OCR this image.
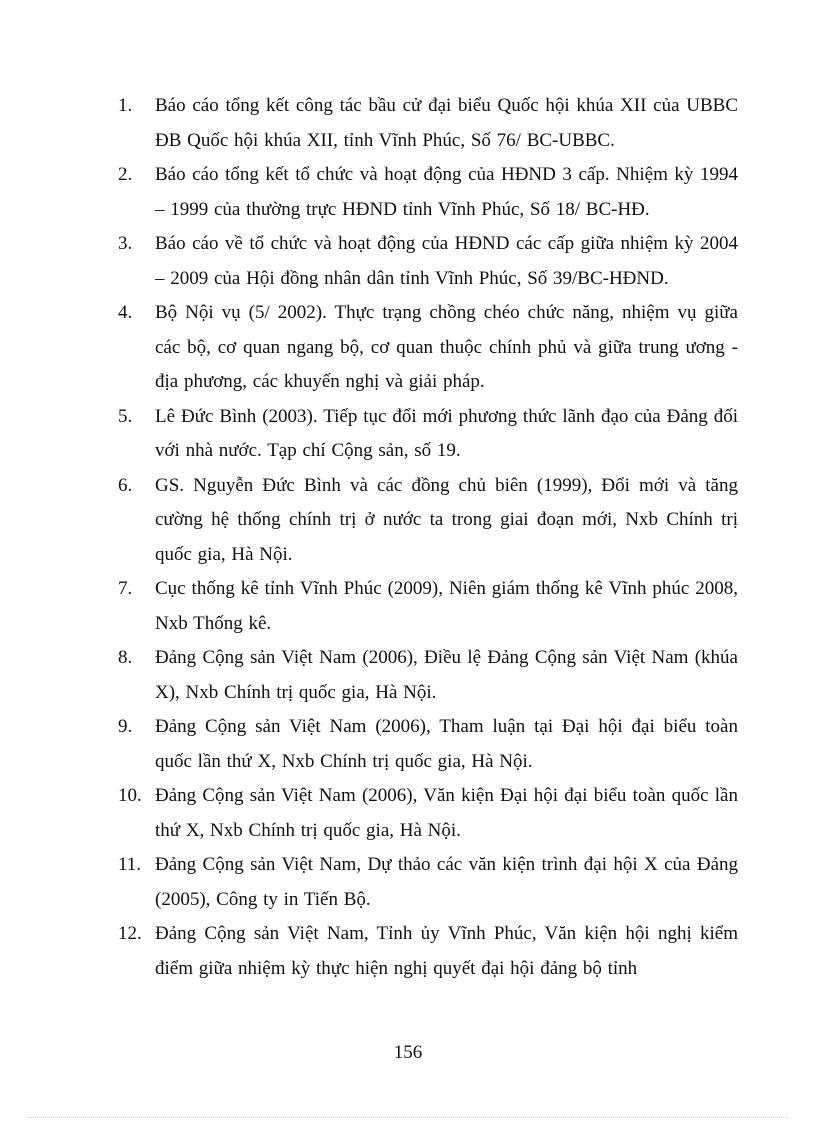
1. Báo cáo tổng kết công tác bầu cử đại biểu Quốc hội khúa XII của UBBC ĐB Quốc hội khúa XII, tỉnh Vĩnh Phúc, Số 76/ BC-UBBC.
2. Báo cáo tổng kết tổ chức và hoạt động của HĐND 3 cấp. Nhiệm kỳ 1994 – 1999 của thường trực HĐND tỉnh Vĩnh Phúc, Số 18/ BC-HĐ.
3. Báo cáo về tổ chức và hoạt động của HĐND các cấp giữa nhiệm kỳ 2004 – 2009 của Hội đồng nhân dân tỉnh Vĩnh Phúc, Số 39/BC-HĐND.
4. Bộ Nội vụ (5/ 2002). Thực trạng chồng chéo chức năng, nhiệm vụ giữa các bộ, cơ quan ngang bộ, cơ quan thuộc chính phủ và giữa trung ương - địa phương, các khuyến nghị và giải pháp.
5. Lê Đức Bình (2003). Tiếp tục đổi mới phương thức lãnh đạo của Đảng đối với nhà nước. Tạp chí Cộng sản, số 19.
6. GS. Nguyễn Đức Bình và các đồng chủ biên (1999), Đổi mới và tăng cường hệ thống chính trị ở nước ta trong giai đoạn mới, Nxb Chính trị quốc gia, Hà Nội.
7. Cục thống kê tỉnh Vĩnh Phúc (2009), Niên giám thống kê Vĩnh phúc 2008, Nxb Thống kê.
8. Đảng Cộng sản Việt Nam (2006), Điều lệ Đảng Cộng sản Việt Nam (khúa X), Nxb Chính trị quốc gia, Hà Nội.
9. Đảng Cộng sản Việt Nam (2006), Tham luận tại Đại hội đại biểu toàn quốc lần thứ X, Nxb Chính trị quốc gia, Hà Nội.
10. Đảng Cộng sản Việt Nam (2006), Văn kiện Đại hội đại biểu toàn quốc lần thứ X, Nxb Chính trị quốc gia, Hà Nội.
11. Đảng Cộng sản Việt Nam, Dự thảo các văn kiện trình đại hội X của Đảng (2005), Công ty in Tiến Bộ.
12. Đảng Cộng sản Việt Nam, Tỉnh ủy Vĩnh Phúc, Văn kiện hội nghị kiểm điểm giữa nhiệm kỳ thực hiện nghị quyết đại hội đảng bộ tỉnh
156
